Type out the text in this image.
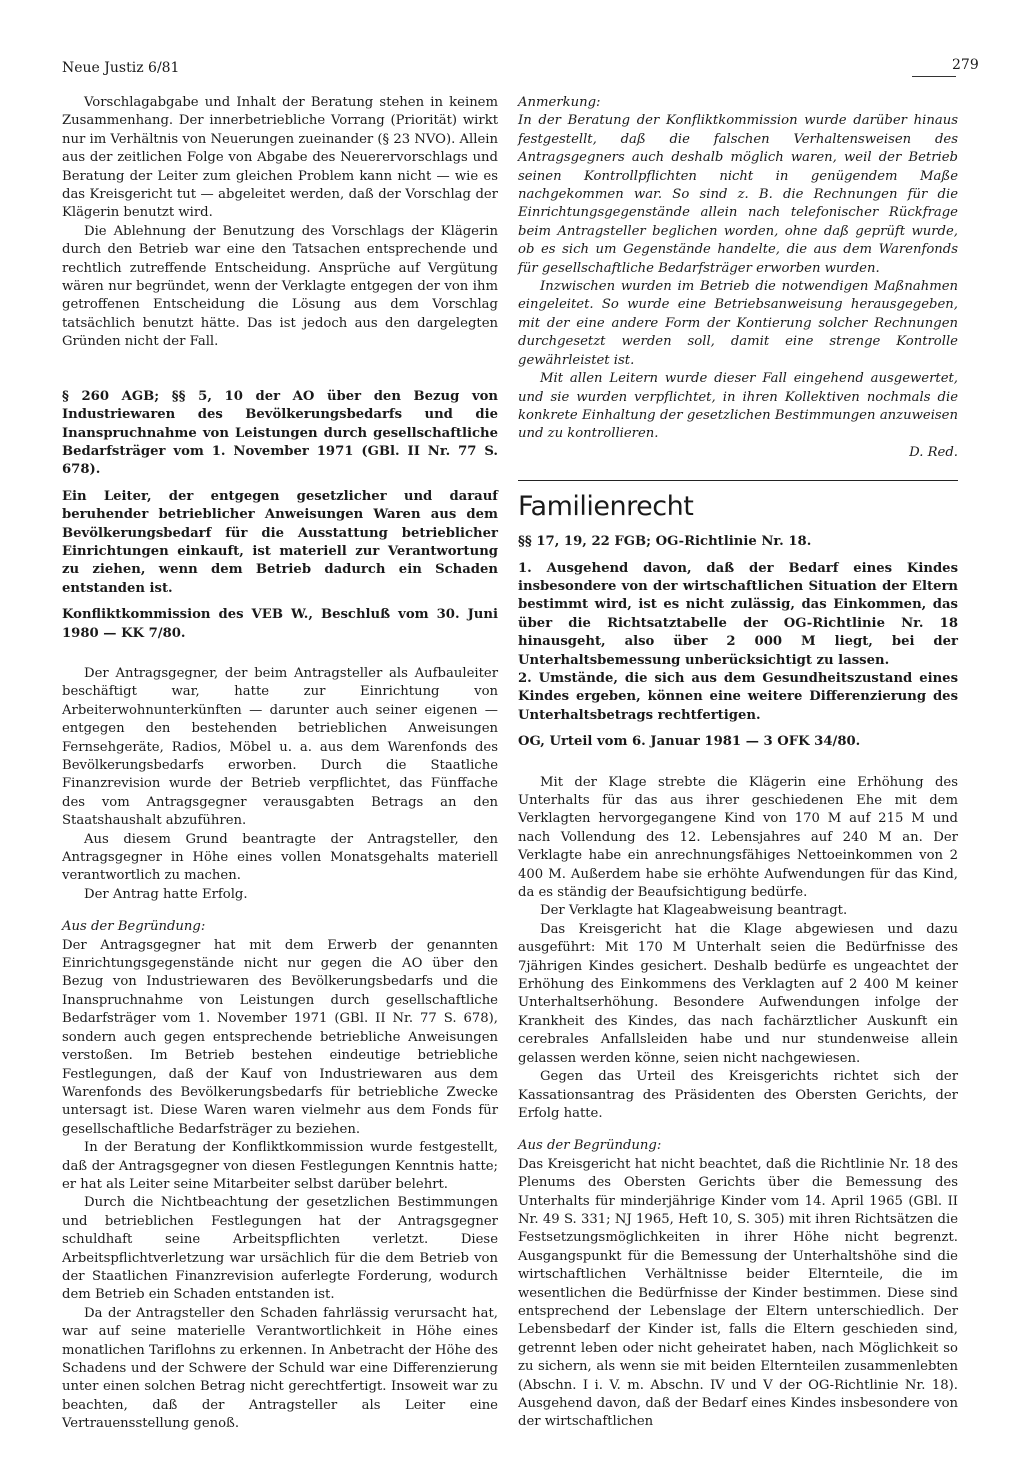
Neue Justiz 6/81	279

Vorschlagabgabe und Inhalt der Beratung stehen in keinem Zusammenhang. Der innerbetriebliche Vorrang (Priorität) wirkt nur im Verhältnis von Neuerungen zueinander (§ 23 NVO). Allein aus der zeitlichen Folge von Abgabe des Neuerervorschlags und Beratung der Leiter zum gleichen Problem kann nicht — wie es das Kreisgericht tut — abgeleitet werden, daß der Vorschlag der Klägerin benutzt wird.

Die Ablehnung der Benutzung des Vorschlags der Klägerin durch den Betrieb war eine den Tatsachen entsprechende und rechtlich zutreffende Entscheidung. Ansprüche auf Vergütung wären nur begründet, wenn der Verklagte entgegen der von ihm getroffenen Entscheidung die Lösung aus dem Vorschlag tatsächlich benutzt hätte. Das ist jedoch aus den dargelegten Gründen nicht der Fall.

§ 260 AGB; §§ 5, 10 der AO über den Bezug von Industriewaren des Bevölkerungsbedarfs und die Inanspruchnahme von Leistungen durch gesellschaftliche Bedarfsträger vom 1. November 1971 (GBl. II Nr. 77 S. 678).

Ein Leiter, der entgegen gesetzlicher und darauf beruhender betrieblicher Anweisungen Waren aus dem Bevölkerungsbedarf für die Ausstattung betrieblicher Einrichtungen einkauft, ist materiell zur Verantwortung zu ziehen, wenn dem Betrieb dadurch ein Schaden entstanden ist.

Konfliktkommission des VEB W., Beschluß vom 30. Juni 1980 — KK 7/80.

Der Antragsgegner, der beim Antragsteller als Aufbauleiter beschäftigt war, hatte zur Einrichtung von Arbeiterwohnunterkünften — darunter auch seiner eigenen — entgegen den bestehenden betrieblichen Anweisungen Fernsehgeräte, Radios, Möbel u. a. aus dem Warenfonds des Bevölkerungsbedarfs erworben. Durch die Staatliche Finanzrevision wurde der Betrieb verpflichtet, das Fünffache des vom Antragsgegner verausgabten Betrags an den Staatshaushalt abzuführen.

Aus diesem Grund beantragte der Antragsteller, den Antragsgegner in Höhe eines vollen Monatsgehalts materiell verantwortlich zu machen.

Der Antrag hatte Erfolg.

Aus der Begründung:

Der Antragsgegner hat mit dem Erwerb der genannten Einrichtungsgegenstände nicht nur gegen die AO über den Bezug von Industriewaren des Bevölkerungsbedarfs und die Inanspruchnahme von Leistungen durch gesellschaftliche Bedarfsträger vom 1. November 1971 (GBl. II Nr. 77 S. 678), sondern auch gegen entsprechende betriebliche Anweisungen verstoßen. Im Betrieb bestehen eindeutige betriebliche Festlegungen, daß der Kauf von Industriewaren aus dem Warenfonds des Bevölkerungsbedarfs für betriebliche Zwecke untersagt ist. Diese Waren waren vielmehr aus dem Fonds für gesellschaftliche Bedarfsträger zu beziehen.

In der Beratung der Konfliktkommission wurde festgestellt, daß der Antragsgegner von diesen Festlegungen Kenntnis hatte; er hat als Leiter seine Mitarbeiter selbst darüber belehrt.

Durch die Nichtbeachtung der gesetzlichen Bestimmungen und betrieblichen Festlegungen hat der Antragsgegner schuldhaft seine Arbeitspflichten verletzt. Diese Arbeitspflichtverletzung war ursächlich für die dem Betrieb von der Staatlichen Finanzrevision auferlegte Forderung, wodurch dem Betrieb ein Schaden entstanden ist.

Da der Antragsteller den Schaden fahrlässig verursacht hat, war auf seine materielle Verantwortlichkeit in Höhe eines monatlichen Tariflohns zu erkennen. In Anbetracht der Höhe des Schadens und der Schwere der Schuld war eine Differenzierung unter einen solchen Betrag nicht gerechtfertigt. Insoweit war zu beachten, daß der Antragsteller als Leiter eine Vertrauensstellung genoß.

Anmerkung:

In der Beratung der Konfliktkommission wurde darüber hinaus festgestellt, daß die falschen Verhaltensweisen des Antragsgegners auch deshalb möglich waren, weil der Betrieb seinen Kontrollpflichten nicht in genügendem Maße nachgekommen war. So sind z. B. die Rechnungen für die Einrichtungsgegenstände allein nach telefonischer Rückfrage beim Antragsteller beglichen worden, ohne daß geprüft wurde, ob es sich um Gegenstände handelte, die aus dem Warenfonds für gesellschaftliche Bedarfsträger erworben wurden.

Inzwischen wurden im Betrieb die notwendigen Maßnahmen eingeleitet. So wurde eine Betriebsanweisung herausgegeben, mit der eine andere Form der Kontierung solcher Rechnungen durchgesetzt werden soll, damit eine strenge Kontrolle gewährleistet ist.

Mit allen Leitern wurde dieser Fall eingehend ausgewertet, und sie wurden verpflichtet, in ihren Kollektiven nochmals die konkrete Einhaltung der gesetzlichen Bestimmungen anzuweisen und zu kontrollieren.

D. Red.

Familienrecht

§§ 17, 19, 22 FGB; OG-Richtlinie Nr. 18.

1. Ausgehend davon, daß der Bedarf eines Kindes insbesondere von der wirtschaftlichen Situation der Eltern bestimmt wird, ist es nicht zulässig, das Einkommen, das über die Richtsatztabelle der OG-Richtlinie Nr. 18 hinausgeht, also über 2 000 M liegt, bei der Unterhaltsbemessung unberücksichtigt zu lassen.

2. Umstände, die sich aus dem Gesundheitszustand eines Kindes ergeben, können eine weitere Differenzierung des Unterhaltsbetrags rechtfertigen.

OG, Urteil vom 6. Januar 1981 — 3 OFK 34/80.

Mit der Klage strebte die Klägerin eine Erhöhung des Unterhalts für das aus ihrer geschiedenen Ehe mit dem Verklagten hervorgegangene Kind von 170 M auf 215 M und nach Vollendung des 12. Lebensjahres auf 240 M an. Der Verklagte habe ein anrechnungsfähiges Nettoeinkommen von 2 400 M. Außerdem habe sie erhöhte Aufwendungen für das Kind, da es ständig der Beaufsichtigung bedürfe.

Der Verklagte hat Klageabweisung beantragt.

Das Kreisgericht hat die Klage abgewiesen und dazu ausgeführt: Mit 170 M Unterhalt seien die Bedürfnisse des 7jährigen Kindes gesichert. Deshalb bedürfe es ungeachtet der Erhöhung des Einkommens des Verklagten auf 2 400 M keiner Unterhaltserhöhung. Besondere Aufwendungen infolge der Krankheit des Kindes, das nach fachärztlicher Auskunft ein cerebrales Anfallsleiden habe und nur stundenweise allein gelassen werden könne, seien nicht nachgewiesen.

Gegen das Urteil des Kreisgerichts richtet sich der Kassationsantrag des Präsidenten des Obersten Gerichts, der Erfolg hatte.

Aus der Begründung:

Das Kreisgericht hat nicht beachtet, daß die Richtlinie Nr. 18 des Plenums des Obersten Gerichts über die Bemessung des Unterhalts für minderjährige Kinder vom 14. April 1965 (GBl. II Nr. 49 S. 331; NJ 1965, Heft 10, S. 305) mit ihren Richtsätzen die Festsetzungsmöglichkeiten in ihrer Höhe nicht begrenzt. Ausgangspunkt für die Bemessung der Unterhaltshöhe sind die wirtschaftlichen Verhältnisse beider Elternteile, die im wesentlichen die Bedürfnisse der Kinder bestimmen. Diese sind entsprechend der Lebenslage der Eltern unterschiedlich. Der Lebensbedarf der Kinder ist, falls die Eltern geschieden sind, getrennt leben oder nicht geheiratet haben, nach Möglichkeit so zu sichern, als wenn sie mit beiden Elternteilen zusammenlebten (Abschn. I i. V. m. Abschn. IV und V der OG-Richtlinie Nr. 18). Ausgehend davon, daß der Bedarf eines Kindes insbesondere von der wirtschaftlichen
